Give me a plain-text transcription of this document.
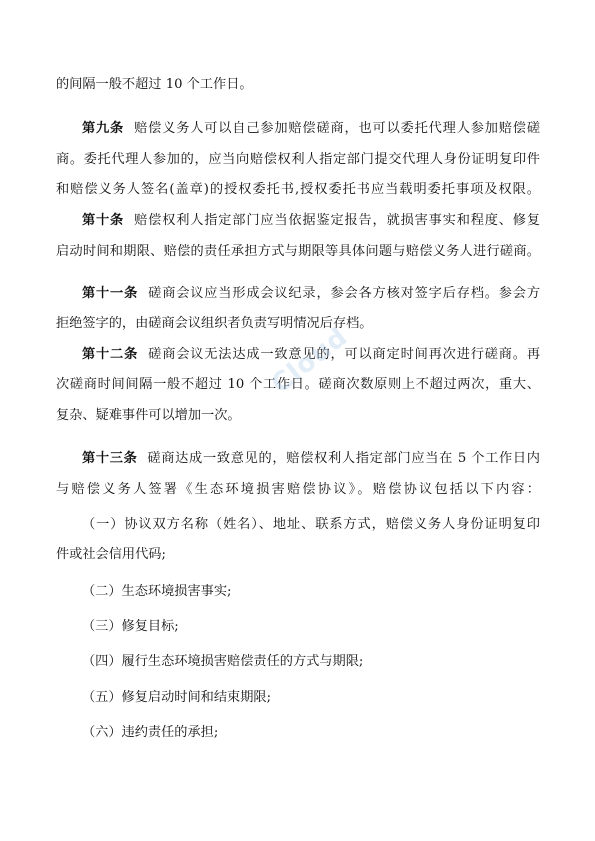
的间隔一般不超过 10 个工作日。
第九条 赔偿义务人可以自己参加赔偿磋商，也可以委托代理人参加赔偿磋
商。委托代理人参加的，应当向赔偿权利人指定部门提交代理人身份证明复印件
和赔偿义务人签名(盖章)的授权委托书,授权委托书应当载明委托事项及权限。
第十条 赔偿权利人指定部门应当依据鉴定报告，就损害事实和程度、修复
启动时间和期限、赔偿的责任承担方式与期限等具体问题与赔偿义务人进行磋商。
第十一条 磋商会议应当形成会议纪录，参会各方核对签字后存档。参会方
拒绝签字的，由磋商会议组织者负责写明情况后存档。
第十二条 磋商会议无法达成一致意见的，可以商定时间再次进行磋商。再
次磋商时间间隔一般不超过 10 个工作日。磋商次数原则上不超过两次，重大、
复杂、疑难事件可以增加一次。
第十三条 磋商达成一致意见的，赔偿权利人指定部门应当在 5 个工作日内
与赔偿义务人签署《生态环境损害赔偿协议》。赔偿协议包括以下内容：
（一）协议双方名称（姓名）、地址、联系方式，赔偿义务人身份证明复印
件或社会信用代码;
（二）生态环境损害事实;
（三）修复目标;
（四）履行生态环境损害赔偿责任的方式与期限;
（五）修复启动时间和结束期限;
（六）违约责任的承担;
Cloud
